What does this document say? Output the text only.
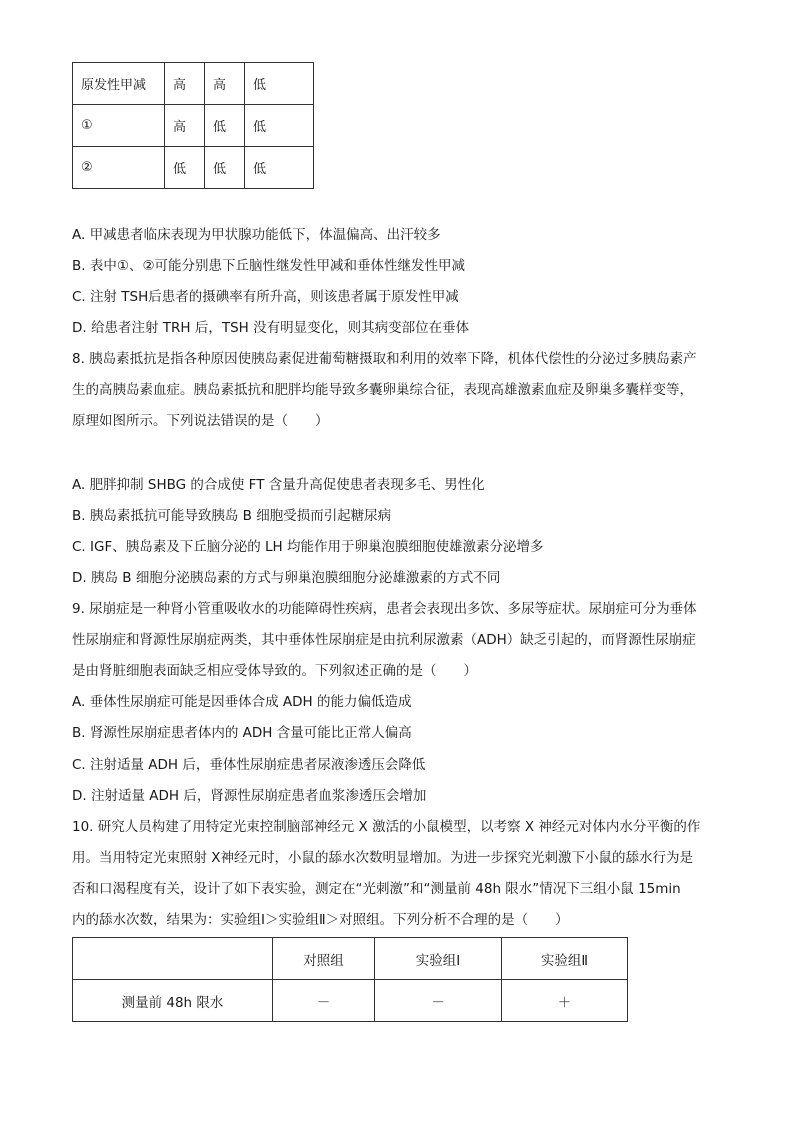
原发性甲减	高	高	低
①	高	低	低
②	低	低	低
A. 甲减患者临床表现为甲状腺功能低下，体温偏高、出汗较多
B. 表中①、②可能分别患下丘脑性继发性甲减和垂体性继发性甲减
C. 注射 TSH后患者的摄碘率有所升高，则该患者属于原发性甲减
D. 给患者注射 TRH 后，TSH 没有明显变化，则其病变部位在垂体
8. 胰岛素抵抗是指各种原因使胰岛素促进葡萄糖摄取和利用的效率下降，机体代偿性的分泌过多胰岛素产
生的高胰岛素血症。胰岛素抵抗和肥胖均能导致多囊卵巢综合征，表现高雄激素血症及卵巢多囊样变等，
原理如图所示。下列说法错误的是（　　）
A. 肥胖抑制 SHBG 的合成使 FT 含量升高促使患者表现多毛、男性化
B. 胰岛素抵抗可能导致胰岛 B 细胞受损而引起糖尿病
C. IGF、胰岛素及下丘脑分泌的 LH 均能作用于卵巢泡膜细胞使雄激素分泌增多
D. 胰岛 B 细胞分泌胰岛素的方式与卵巢泡膜细胞分泌雄激素的方式不同
9. 尿崩症是一种肾小管重吸收水的功能障碍性疾病，患者会表现出多饮、多尿等症状。尿崩症可分为垂体
性尿崩症和肾源性尿崩症两类，其中垂体性尿崩症是由抗利尿激素（ADH）缺乏引起的，而肾源性尿崩症
是由肾脏细胞表面缺乏相应受体导致的。下列叙述正确的是（　　）
A. 垂体性尿崩症可能是因垂体合成 ADH 的能力偏低造成
B. 肾源性尿崩症患者体内的 ADH 含量可能比正常人偏高
C. 注射适量 ADH 后，垂体性尿崩症患者尿液渗透压会降低
D. 注射适量 ADH 后，肾源性尿崩症患者血浆渗透压会增加
10. 研究人员构建了用特定光束控制脑部神经元 X 激活的小鼠模型，以考察 X 神经元对体内水分平衡的作
用。当用特定光束照射 X神经元时，小鼠的舔水次数明显增加。为进一步探究光刺激下小鼠的舔水行为是
否和口渴程度有关，设计了如下表实验，测定在“光刺激”和“测量前 48h 限水”情况下三组小鼠 15min
内的舔水次数，结果为：实验组Ⅰ＞实验组Ⅱ＞对照组。下列分析不合理的是（　　）
	对照组	实验组Ⅰ	实验组Ⅱ
测量前 48h 限水	－	－	＋
